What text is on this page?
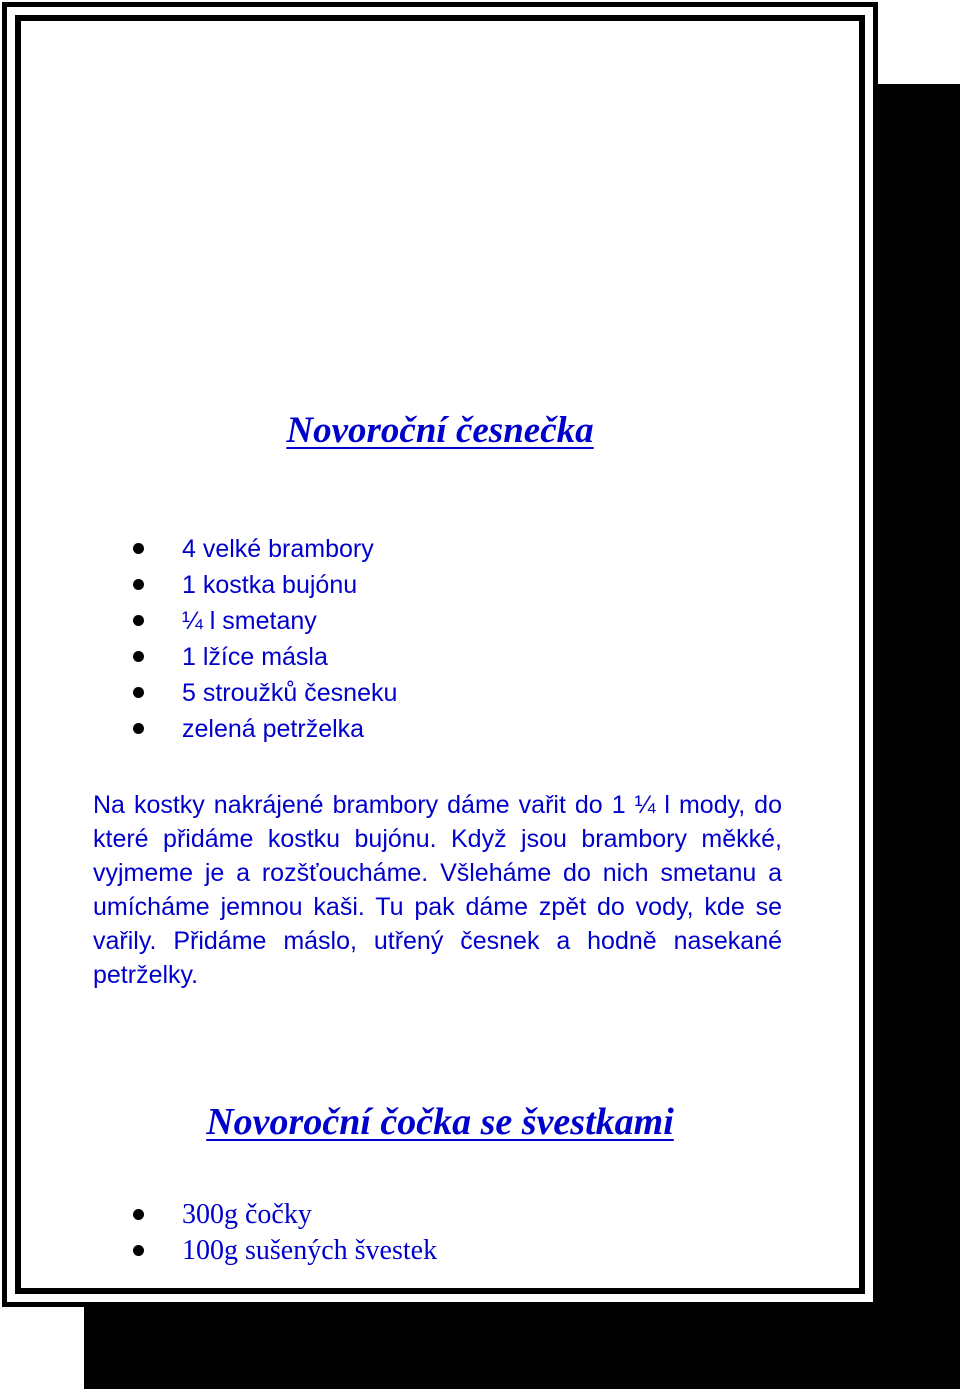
Novoroční česnečka
4 velké brambory
1 kostka bujónu
¼ l smetany
1 lžíce másla
5 stroužků česneku
zelená petrželka

Na kostky nakrájené brambory dáme vařit do 1 ¼ l mody, do které přidáme kostku bujónu. Když jsou brambory měkké, vyjmeme je a rozšťoucháme. Všleháme do nich smetanu a umícháme jemnou kaši. Tu pak dáme zpět do vody, kde se vařily. Přidáme máslo, utřený česnek a hodně nasekané petrželky.

Novoroční čočka se švestkami
300g čočky
100g sušených švestek
